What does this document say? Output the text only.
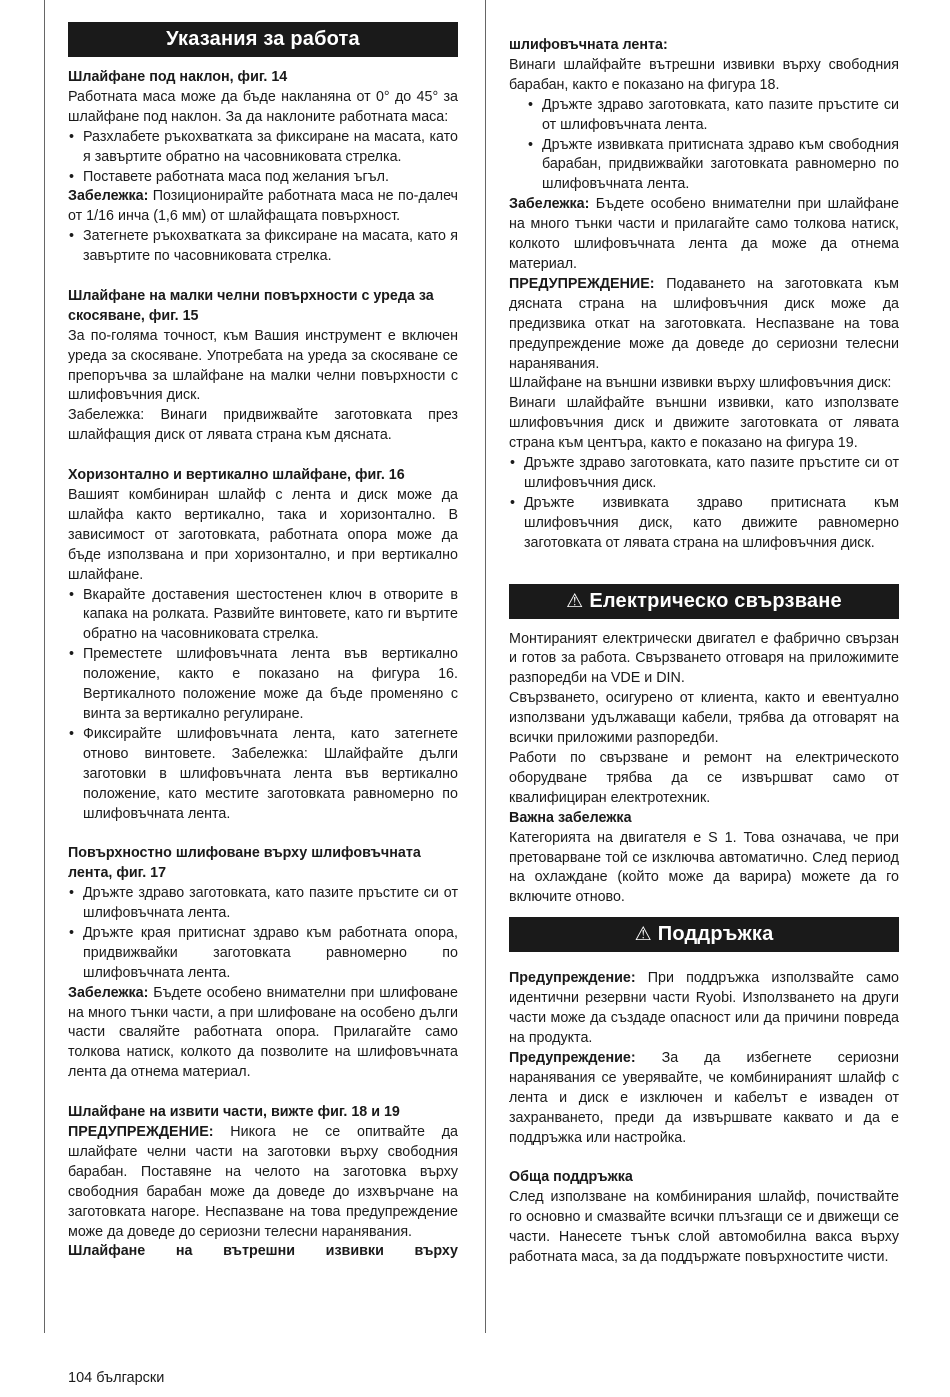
Указания за работа

Шлайфане под наклон, фиг. 14

Работната маса може да бъде накланяна от 0° до 45° за шлайфане под наклон. За да наклоните работната маса:

• Разхлабете ръкохватката за фиксиране на масата, като я завъртите обратно на часовниковата стрелка.
• Поставете работната маса под желания ъгъл.

Забележка: Позиционирайте работната маса не по-далеч от 1/16 инча (1,6 мм) от шлайфащата повърхност.

• Затегнете ръкохватката за фиксиране на масата, като я завъртите по часовниковата стрелка.

Шлайфане на малки челни повърхности с уреда за скосяване, фиг. 15

За по-голяма точност, към Вашия инструмент е включен уреда за скосяване. Употребата на уреда за скосяване се препоръчва за шлайфане на малки челни повърхности с шлифовъчния диск.

Забележка: Винаги придвижвайте заготовката през шлайфащия диск от лявата страна към дясната.

Хоризонтално и вертикално шлайфане, фиг. 16

Вашият комбиниран шлайф с лента и диск може да шлайфа както вертикално, така и хоризонтално. В зависимост от заготовката, работната опора може да бъде използвана и при хоризонтално, и при вертикално шлайфане.

• Вкарайте доставения шестостенен ключ в отворите в капака на ролката. Развийте винтовете, като ги въртите обратно на часовниковата стрелка.
• Преместете шлифовъчната лента във вертикално положение, както е показано на фигура 16. Вертикалното положение може да бъде променяно с винта за вертикално регулиране.
• Фиксирайте шлифовъчната лента, като затегнете отново винтовете. Забележка: Шлайфайте дълги заготовки в шлифовъчната лента във вертикално положение, като местите заготовката равномерно по шлифовъчната лента.

Повърхностно шлифоване върху шлифовъчната лента, фиг. 17

• Дръжте здраво заготовката, като пазите пръстите си от шлифовъчната лента.
• Дръжте края притиснат здраво към работната опора, придвижвайки заготовката равномерно по шлифовъчната лента.

Забележка: Бъдете особено внимателни при шлифоване на много тънки части, а при шлифоване на особено дълги части сваляйте работната опора. Прилагайте само толкова натиск, колкото да позволите на шлифовъчната лента да отнема материал.

Шлайфане на извити части, вижте фиг. 18 и 19

ПРЕДУПРЕЖДЕНИЕ: Никога не се опитвайте да шлайфате челни части на заготовки върху свободния барабан. Поставяне на челото на заготовка върху свободния барабан може да доведе до изхвърчане на заготовката нагоре. Неспазване на това предупреждение може да доведе до сериозни телесни наранявания.

Шлайфане на вътрешни извивки върху

шлифовъчната лента:

Винаги шлайфайте вътрешни извивки върху свободния барабан, както е показано на фигура 18.

• Дръжте здраво заготовката, като пазите пръстите си от шлифовъчната лента.
• Дръжте извивката притисната здраво към свободния барабан, придвижвайки заготовката равномерно по шлифовъчната лента.

Забележка: Бъдете особено внимателни при шлайфане на много тънки части и прилагайте само толкова натиск, колкото шлифовъчната лента да може да отнема материал.

ПРЕДУПРЕЖДЕНИЕ: Подаването на заготовката към дясната страна на шлифовъчния диск може да предизвика откат на заготовката. Неспазване на това предупреждение може да доведе до сериозни телесни наранявания.

Шлайфане на външни извивки върху шлифовъчния диск:

Винаги шлайфайте външни извивки, като използвате шлифовъчния диск и движите заготовката от лявата страна към центъра, както е показано на фигура 19.

• Дръжте здраво заготовката, като пазите пръстите си от шлифовъчния диск.
• Дръжте извивката здраво притисната към шлифовъчния диск, като движите равномерно заготовката от лявата страна на шлифовъчния диск.
⚠ Електрическо свързване

Монтираният електрически двигател е фабрично свързан и готов за работа. Свързването отговаря на приложимите разпоредби на VDE и DIN.

Свързването, осигурено от клиента, както и евентуално използвани удължаващи кабели, трябва да отговарят на всички приложими разпоредби.

Работи по свързване и ремонт на електрическото оборудване трябва да се извършват само от квалифициран електротехник.

Важна забележка

Категорията на двигателя е S 1. Това означава, че при претоварване той се изключва автоматично. След период на охлаждане (който може да варира) можете да го включите отново.

⚠ Поддръжка

Предупреждение: При поддръжка използвайте само идентични резервни части Ryobi. Използването на други части може да създаде опасност или да причини повреда на продукта.

Предупреждение: За да избегнете сериозни наранявания се уверявайте, че комбинираният шлайф с лента и диск е изключен и кабелът е изваден от захранването, преди да извършвате каквато и да е поддръжка или настройка.

Обща поддръжка

След използване на комбинирания шлайф, почиствайте го основно и смазвайте всички плъзгащи се и движещи се части. Нанесете тънък слой автомобилна вакса върху работната маса, за да поддържате повърхностите чисти.

104 български
